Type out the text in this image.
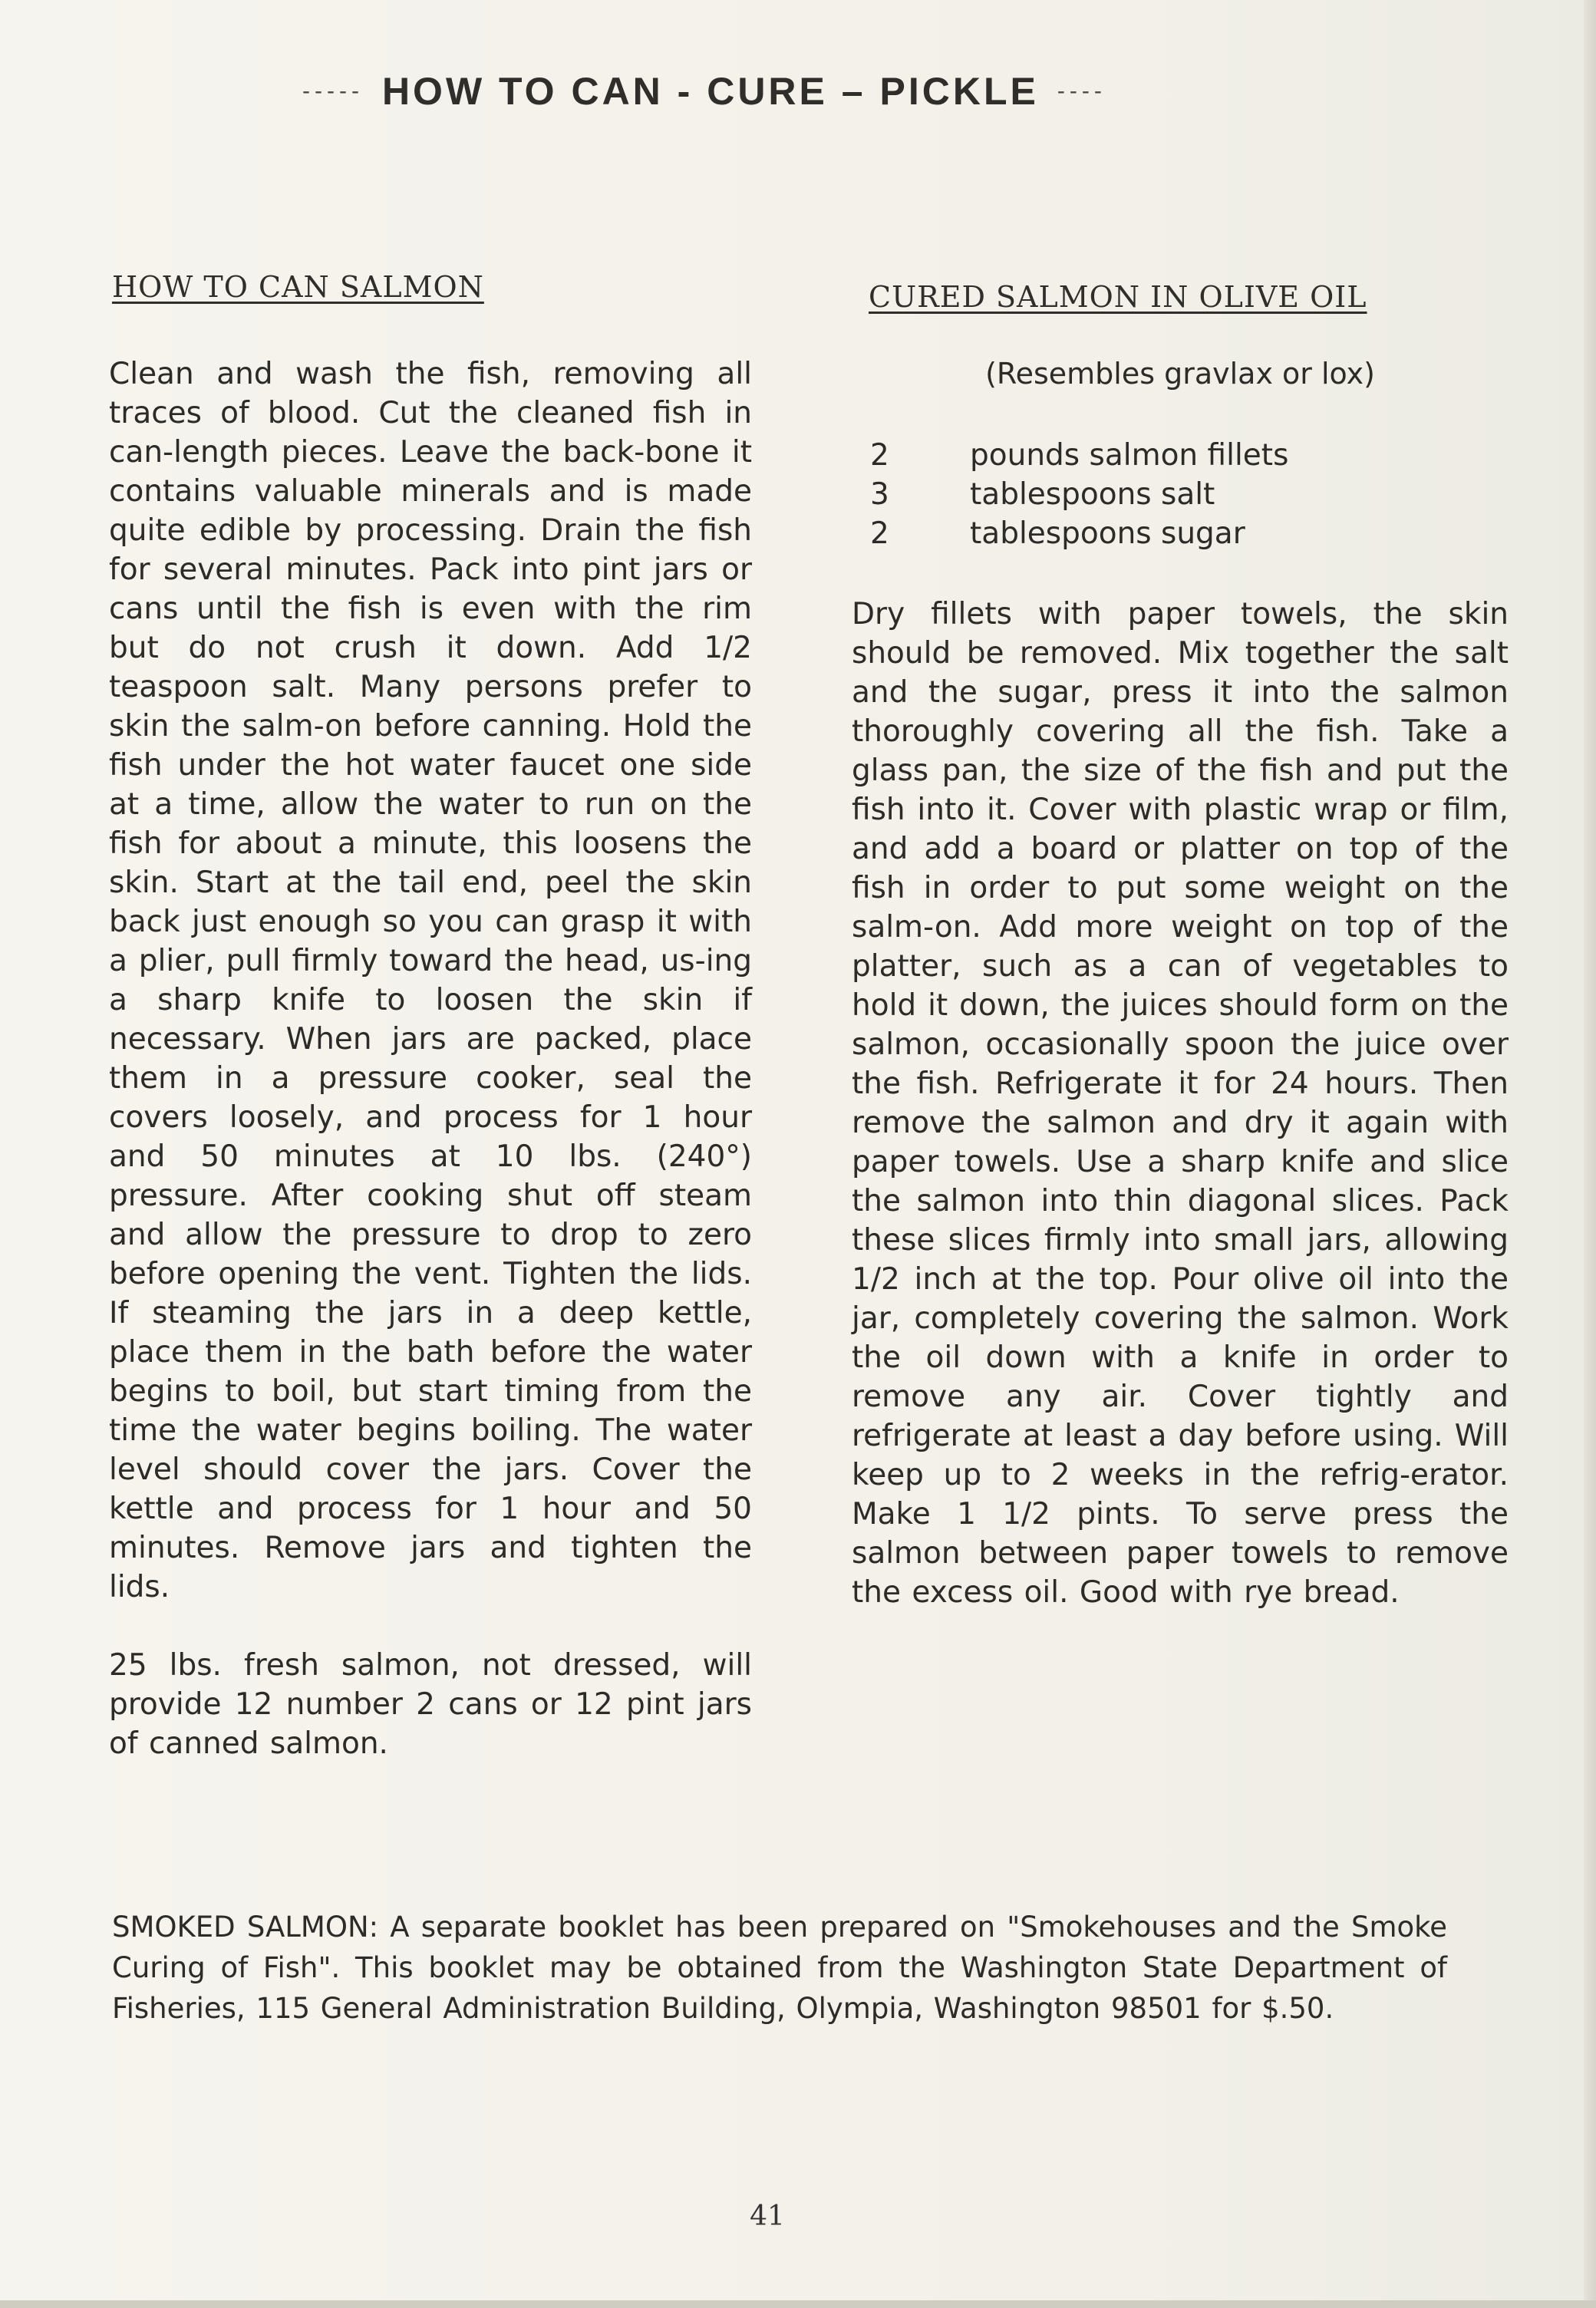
----- HOW TO CAN - CURE – PICKLE ----
HOW TO CAN SALMON

Clean and wash the fish, removing all traces of blood. Cut the cleaned fish in can-length pieces. Leave the back-bone it contains valuable minerals and is made quite edible by processing. Drain the fish for several minutes. Pack into pint jars or cans until the fish is even with the rim but do not crush it down. Add 1/2 teaspoon salt. Many persons prefer to skin the salm-on before canning. Hold the fish under the hot water faucet one side at a time, allow the water to run on the fish for about a minute, this loosens the skin. Start at the tail end, peel the skin back just enough so you can grasp it with a plier, pull firmly toward the head, us-ing a sharp knife to loosen the skin if necessary. When jars are packed, place them in a pressure cooker, seal the covers loosely, and process for 1 hour and 50 minutes at 10 lbs. (240°) pressure. After cooking shut off steam and allow the pressure to drop to zero before opening the vent. Tighten the lids. If steaming the jars in a deep kettle, place them in the bath before the water begins to boil, but start timing from the time the water begins boiling. The water level should cover the jars. Cover the kettle and process for 1 hour and 50 minutes. Remove jars and tighten the lids.

25 lbs. fresh salmon, not dressed, will provide 12 number 2 cans or 12 pint jars of canned salmon.

CURED SALMON IN OLIVE OIL
(Resembles gravlax or lox)
2	pounds salmon fillets
3	tablespoons salt
2	tablespoons sugar

Dry fillets with paper towels, the skin should be removed. Mix together the salt and the sugar, press it into the salmon thoroughly covering all the fish. Take a glass pan, the size of the fish and put the fish into it. Cover with plastic wrap or film, and add a board or platter on top of the fish in order to put some weight on the salm-on. Add more weight on top of the platter, such as a can of vegetables to hold it down, the juices should form on the salmon, occasionally spoon the juice over the fish. Refrigerate it for 24 hours. Then remove the salmon and dry it again with paper towels. Use a sharp knife and slice the salmon into thin diagonal slices. Pack these slices firmly into small jars, allowing 1/2 inch at the top. Pour olive oil into the jar, completely covering the salmon. Work the oil down with a knife in order to remove any air. Cover tightly and refrigerate at least a day before using. Will keep up to 2 weeks in the refrig-erator. Make 1 1/2 pints. To serve press the salmon between paper towels to remove the excess oil. Good with rye bread.

SMOKED SALMON: A separate booklet has been prepared on "Smokehouses and the Smoke Curing of Fish". This booklet may be obtained from the Washington State Department of Fisheries, 115 General Administration Building, Olympia, Washington 98501 for $.50.
41
